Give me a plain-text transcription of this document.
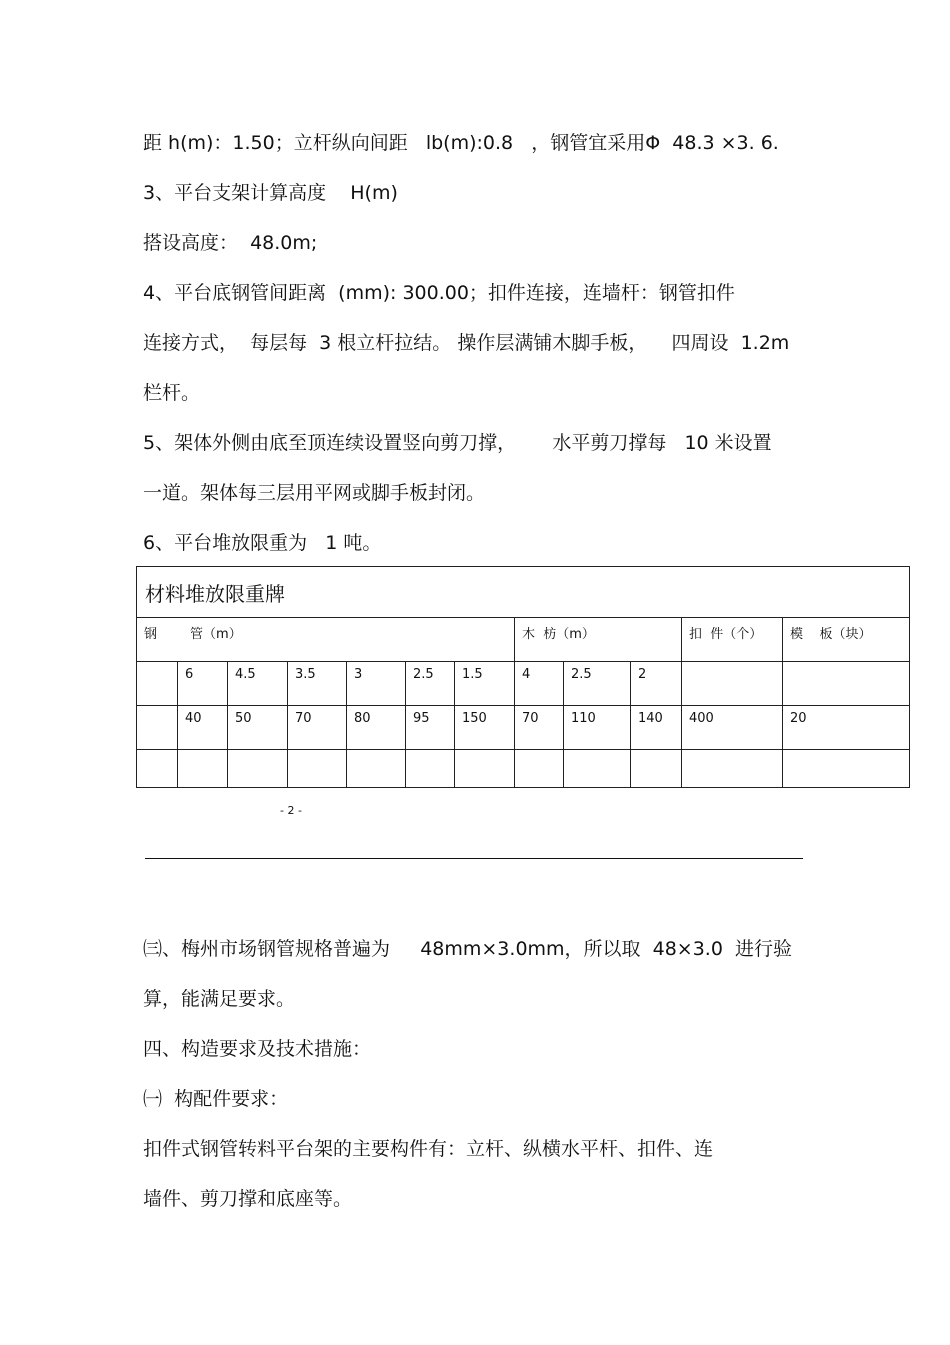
距 h(m)：1.50；立杆纵向间距   lb(m):0.8   ，钢管宜采用Φ  48.3 ×3. 6.
3、平台支架计算高度    H(m)
搭设高度：  48.0m;
4、平台底钢管间距离  (mm): 300.00；扣件连接，连墙杆：钢管扣件
连接方式，  每层每  3 根立杆拉结。 操作层满铺木脚手板，    四周设  1.2m
栏杆。
5、架体外侧由底至顶连续设置竖向剪刀撑，      水平剪刀撑每   10 米设置
一道。架体每三层用平网或脚手板封闭。
6、平台堆放限重为   1 吨。
材料堆放限重牌											
钢        管（m）							木  枋（m）			扣  件（个）	模    板（块）
	6	4.5	3.5	3	2.5	1.5	4	2.5	2		
	40	50	70	80	95	150	70	110	140	400	20

- 2 -
㈢、梅州市场钢管规格普遍为     48mm×3.0mm，所以取  48×3.0  进行验
算，能满足要求。
四、构造要求及技术措施：
㈠  构配件要求：
扣件式钢管转料平台架的主要构件有：立杆、纵横水平杆、扣件、连
墙件、剪刀撑和底座等。
